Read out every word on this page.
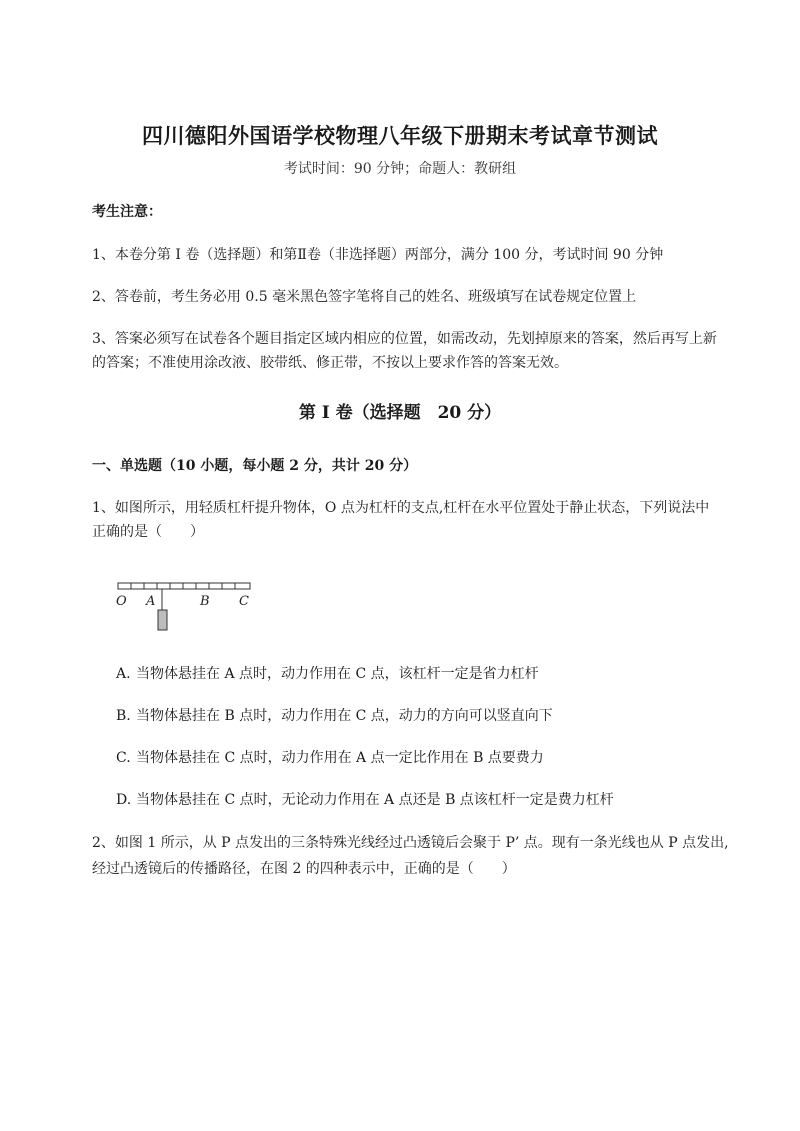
四川德阳外国语学校物理八年级下册期末考试章节测试
考试时间：90 分钟；命题人：教研组
考生注意：
1、本卷分第 I 卷（选择题）和第Ⅱ卷（非选择题）两部分，满分 100 分，考试时间 90 分钟
2、答卷前，考生务必用 0.5 毫米黑色签字笔将自己的姓名、班级填写在试卷规定位置上
3、答案必须写在试卷各个题目指定区域内相应的位置，如需改动，先划掉原来的答案，然后再写上新
的答案；不准使用涂改液、胶带纸、修正带，不按以上要求作答的答案无效。
第 I 卷（选择题　20 分）
一、单选题（10 小题，每小题 2 分，共计 20 分）
1、如图所示，用轻质杠杆提升物体，O 点为杠杆的支点,杠杆在水平位置处于静止状态，下列说法中
正确的是（　　）
O A	B C
A. 当物体悬挂在 A 点时，动力作用在 C 点，该杠杆一定是省力杠杆
B. 当物体悬挂在 B 点时，动力作用在 C 点，动力的方向可以竖直向下
C. 当物体悬挂在 C 点时，动力作用在 A 点一定比作用在 B 点要费力
D. 当物体悬挂在 C 点时，无论动力作用在 A 点还是 B 点该杠杆一定是费力杠杆
2、如图 1 所示，从 P 点发出的三条特殊光线经过凸透镜后会聚于 P’ 点。现有一条光线也从 P 点发出,
经过凸透镜后的传播路径，在图 2 的四种表示中，正确的是（　　）
